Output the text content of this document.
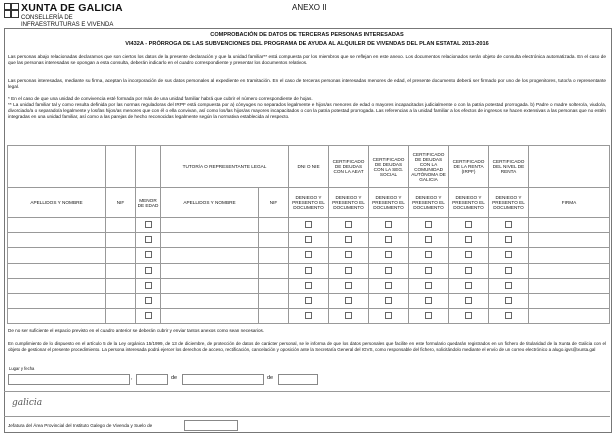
XUNTA DE GALICIA
CONSELLERÍA DE
INFRAESTRUTURAS E VIVENDA
ANEXO II
COMPROBACIÓN DE DATOS DE TERCERAS PERSONAS INTERESADAS
VI432A - PRÓRROGA DE LAS SUBVENCIONES DEL PROGRAMA DE AYUDA AL ALQUILER DE VIVENDAS DEL PLAN ESTATAL 2013-2016
Las personas abajo relacionadas declaramos que son ciertos los datos de la presente declaración y que la unidad familiar** está compuesta por los miembros que se reflejan en este anexo. Los documentos relacionados serán objeto de consulta electrónica automatizada. En el caso de que las personas interesadas se opongan a esta consulta, deberán indicarlo en el cuadro correspondiente y presentar los documentos relativos.
Las personas interesadas, mediante su firma, aceptan la incorporación de sus datos personales al expediente en tramitación. En el caso de terceras personas interesadas menores de edad, el presente documento deberá ser firmado por uno de los progenitores, tutor/a o representante legal.
* En el caso de que una unidad de convivencia esté formada por más de una unidad familiar habrá que cubrir el número correspondiente de hojas.
** La unidad familiar tal y como resulta definida por las normas reguladoras del IRPF está compuesta por a) cónyuges no separados legalmente e hijos/as menores de edad o mayores incapacitados judicialmente o con la patria potestad prorrogada. b) Padre o madre soltero/a, viudo/a, divorciado/a o separado/a legalmente y los/las hijos/as menores que con él o ella convivan, así como los/las hijos/as mayores incapacitados o con la patria potestad prorrogada. Las referencias a la unidad familiar a los efectos de ingresos se hacen extensivas a las personas que no estén integradas en una unidad familiar, así como a las parejas de hecho reconocidas legalmente según la normativa establecida al respecto.
			TUTOR/A O REPRESENTANTE LEGAL		DNI O NIE	CERTIFICADO DE DEUDAS CON LA AEAT	CERTIFICADO DE DEUDAS CON LA SEG. SOCIAL	CERTIFICADO DE DEUDAS CON LA COMUNIDAD AUTÓNOMA DE GALICIA	CERTIFICADO DE LA RENTA (IRPF)	CERTIFICADO DEL NIVEL DE RENTA	
APELLIDOS Y NOMBRE	NIF	MENOR DE EDAD	APELLIDOS Y NOMBRE	NIF	DENIEGO Y PRESENTO EL DOCUMENTO	DENIEGO Y PRESENTO EL DOCUMENTO	DENIEGO Y PRESENTO EL DOCUMENTO	DENIEGO Y PRESENTO EL DOCUMENTO	DENIEGO Y PRESENTO EL DOCUMENTO	DENIEGO Y PRESENTO EL DOCUMENTO	FIRMA

De no ser suficiente el espacio previsto en el cuadro anterior se deberán cubrir y enviar tantos anexos como sean necesarios.
En cumplimiento de lo dispuesto en el artículo 5 de la Ley orgánica 15/1999, de 13 de diciembre, de protección de datos de carácter personal, se le informa de que los datos personales que facilite en este formulario quedarán registrados en un fichero de titularidad de la Xunta de Galicia con el objeto de gestionar el presente procedimiento. La persona interesada podrá ejercer los derechos de acceso, rectificación, cancelación y oposición ante la Secretaría General del IGVS, como responsable del fichero, solicitándolo mediante el envío de un correo electrónico a alugo.igvs@xunta.gal
Lugar y fecha
,	de	de
galicia
Jefatura del Área Provincial del Instituto Galego de Vivenda y Suelo de
